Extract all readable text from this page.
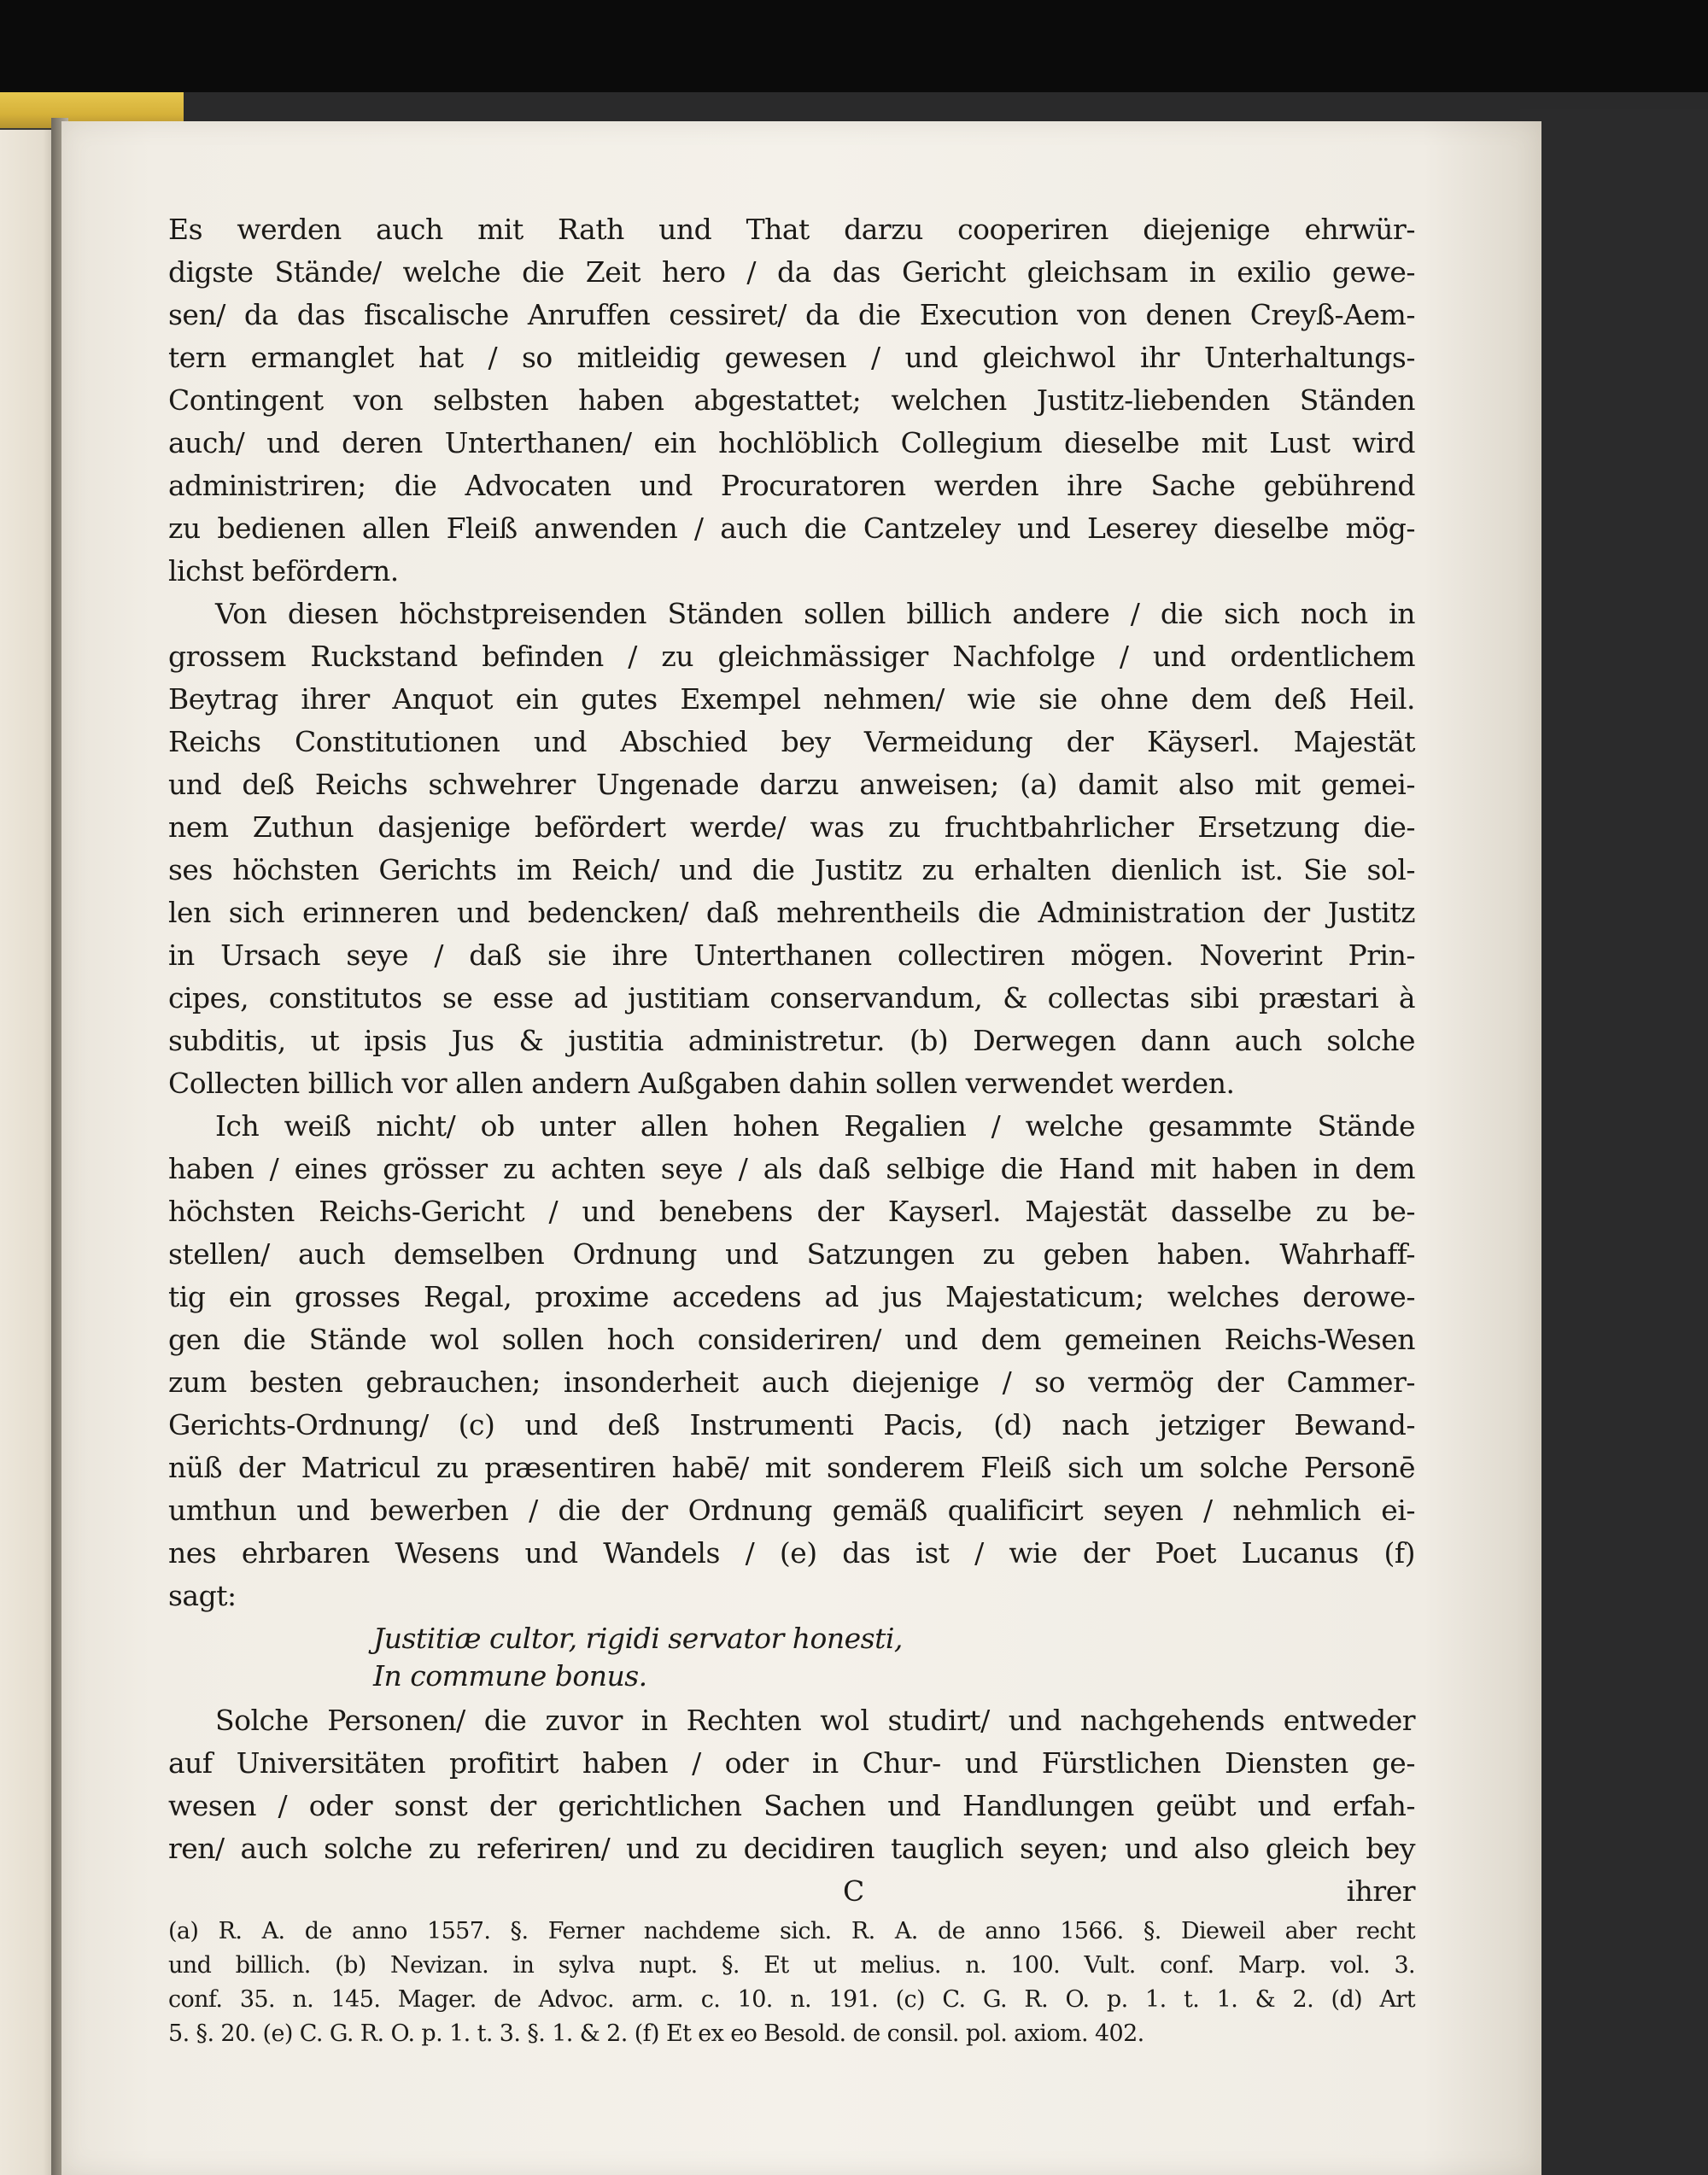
Es werden auch mit Rath und That darzu cooperiren diejenige ehrwür-
digste Stände/ welche die Zeit hero / da das Gericht gleichsam in exilio gewe-
sen/ da das fiscalische Anruffen cessiret/ da die Execution von denen Creyß-Aem-
tern ermanglet hat / so mitleidig gewesen / und gleichwol ihr Unterhaltungs-
Contingent von selbsten haben abgestattet; welchen Justitz-liebenden Ständen
auch/ und deren Unterthanen/ ein hochlöblich Collegium dieselbe mit Lust wird
administriren; die Advocaten und Procuratoren werden ihre Sache gebührend
zu bedienen allen Fleiß anwenden / auch die Cantzeley und Leserey dieselbe mög-
lichst befördern.
Von diesen höchstpreisenden Ständen sollen billich andere / die sich noch in
grossem Ruckstand befinden / zu gleichmässiger Nachfolge / und ordentlichem
Beytrag ihrer Anquot ein gutes Exempel nehmen/ wie sie ohne dem deß Heil.
Reichs Constitutionen und Abschied bey Vermeidung der Käyserl. Majestät
und deß Reichs schwehrer Ungenade darzu anweisen; (a) damit also mit gemei-
nem Zuthun dasjenige befördert werde/ was zu fruchtbahrlicher Ersetzung die-
ses höchsten Gerichts im Reich/ und die Justitz zu erhalten dienlich ist. Sie sol-
len sich erinneren und bedencken/ daß mehrentheils die Administration der Justitz
in Ursach seye / daß sie ihre Unterthanen collectiren mögen. Noverint Prin-
cipes, constitutos se esse ad justitiam conservandum, & collectas sibi præstari à
subditis, ut ipsis Jus & justitia administretur. (b) Derwegen dann auch solche
Collecten billich vor allen andern Außgaben dahin sollen verwendet werden.
Ich weiß nicht/ ob unter allen hohen Regalien / welche gesammte Stände
haben / eines grösser zu achten seye / als daß selbige die Hand mit haben in dem
höchsten Reichs-Gericht / und benebens der Kayserl. Majestät dasselbe zu be-
stellen/ auch demselben Ordnung und Satzungen zu geben haben. Wahrhaff-
tig ein grosses Regal, proxime accedens ad jus Majestaticum; welches derowe-
gen die Stände wol sollen hoch consideriren/ und dem gemeinen Reichs-Wesen
zum besten gebrauchen; insonderheit auch diejenige / so vermög der Cammer-
Gerichts-Ordnung/ (c) und deß Instrumenti Pacis, (d) nach jetziger Bewand-
nüß der Matricul zu præsentiren habē/ mit sonderem Fleiß sich um solche Personē
umthun und bewerben / die der Ordnung gemäß qualificirt seyen / nehmlich ei-
nes ehrbaren Wesens und Wandels / (e) das ist / wie der Poet Lucanus (f)
sagt:
Justitiæ cultor, rigidi servator honesti,
In commune bonus.
Solche Personen/ die zuvor in Rechten wol studirt/ und nachgehends entweder
auf Universitäten profitirt haben / oder in Chur- und Fürstlichen Diensten ge-
wesen / oder sonst der gerichtlichen Sachen und Handlungen geübt und erfah-
ren/ auch solche zu referiren/ und zu decidiren tauglich seyen; und also gleich bey
C	ihrer
(a) R. A. de anno 1557. §. Ferner nachdeme sich. R. A. de anno 1566. §. Dieweil aber recht
und billich. (b) Nevizan. in sylva nupt. §. Et ut melius. n. 100. Vult. conf. Marp. vol. 3.
conf. 35. n. 145. Mager. de Advoc. arm. c. 10. n. 191. (c) C. G. R. O. p. 1. t. 1. & 2. (d) Art
5. §. 20. (e) C. G. R. O. p. 1. t. 3. §. 1. & 2. (f) Et ex eo Besold. de consil. pol. axiom. 402.
